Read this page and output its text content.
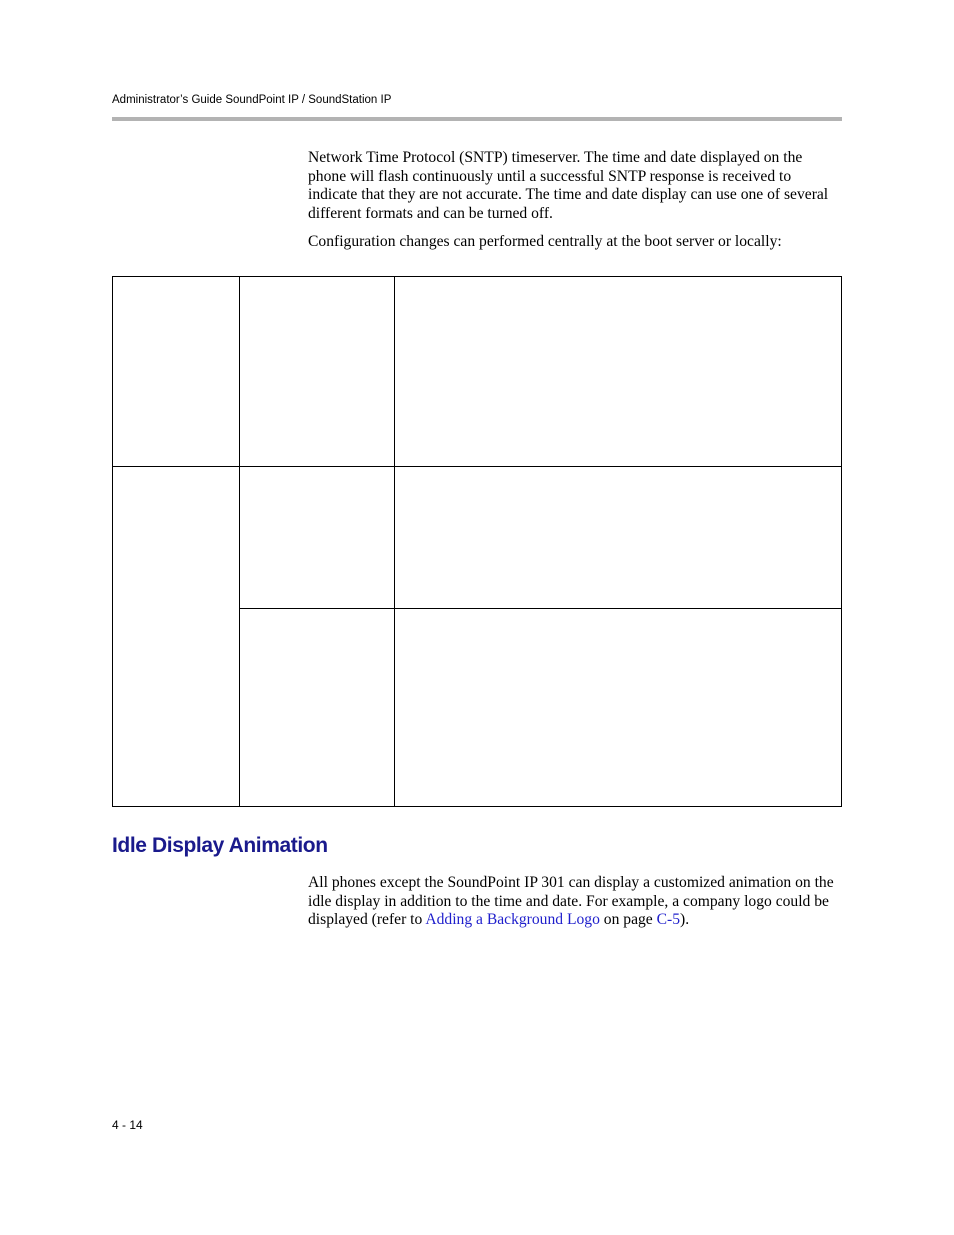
Administrator’s Guide SoundPoint IP / SoundStation IP

Network Time Protocol (SNTP) timeserver. The time and date displayed on the phone will flash continuously until a successful SNTP response is received to indicate that they are not accurate. The time and date display can use one of several different formats and can be turned off.

Configuration changes can performed centrally at the boot server or locally:

Idle Display Animation

All phones except the SoundPoint IP 301 can display a customized animation on the idle display in addition to the time and date. For example, a company logo could be displayed (refer to Adding a Background Logo on page C-5).

4 - 14
